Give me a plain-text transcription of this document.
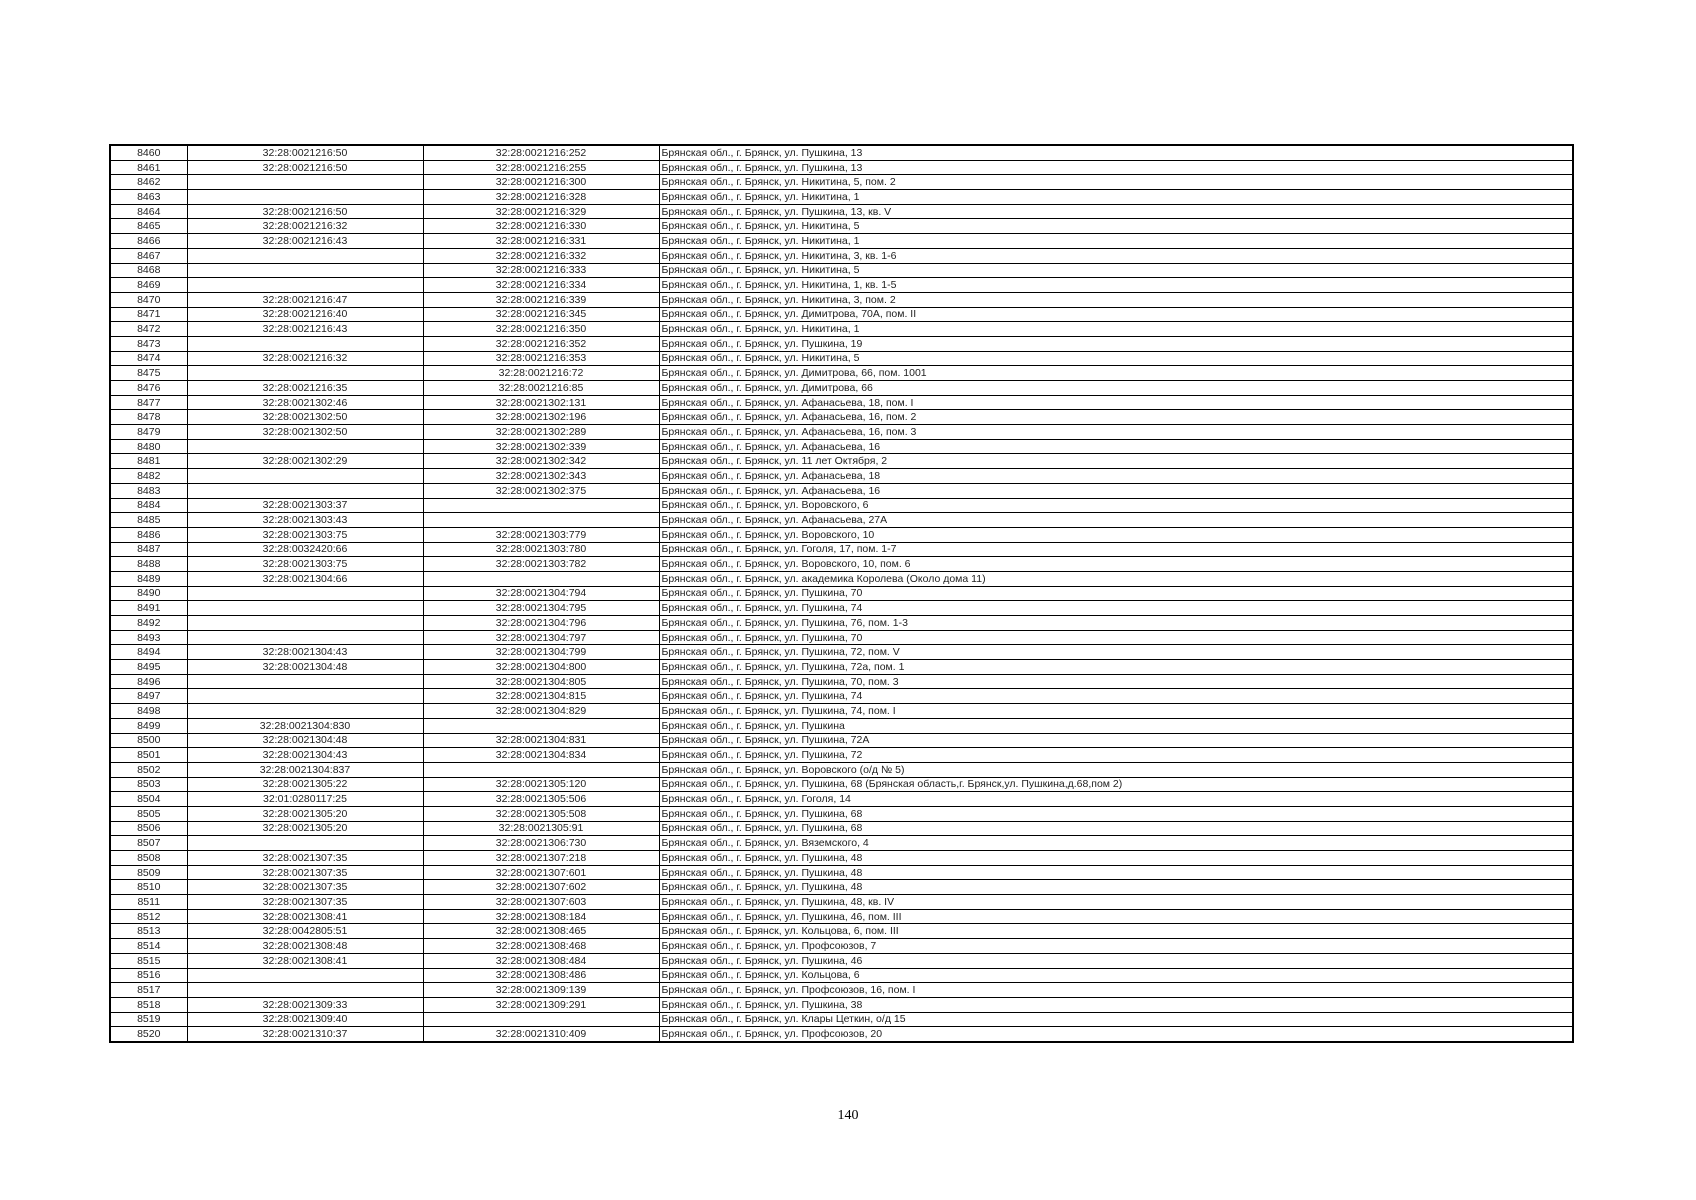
8460	32:28:0021216:50	32:28:0021216:252	Брянская обл., г. Брянск, ул. Пушкина, 13
8461	32:28:0021216:50	32:28:0021216:255	Брянская обл., г. Брянск, ул. Пушкина, 13
8462		32:28:0021216:300	Брянская обл., г. Брянск, ул. Никитина, 5, пом. 2
8463		32:28:0021216:328	Брянская обл., г. Брянск, ул. Никитина, 1
8464	32:28:0021216:50	32:28:0021216:329	Брянская обл., г. Брянск, ул. Пушкина, 13, кв. V
8465	32:28:0021216:32	32:28:0021216:330	Брянская обл., г. Брянск, ул. Никитина, 5
8466	32:28:0021216:43	32:28:0021216:331	Брянская обл., г. Брянск, ул. Никитина, 1
8467		32:28:0021216:332	Брянская обл., г. Брянск, ул. Никитина, 3, кв. 1-6
8468		32:28:0021216:333	Брянская обл., г. Брянск, ул. Никитина, 5
8469		32:28:0021216:334	Брянская обл., г. Брянск, ул. Никитина, 1, кв. 1-5
8470	32:28:0021216:47	32:28:0021216:339	Брянская обл., г. Брянск, ул. Никитина, 3, пом. 2
8471	32:28:0021216:40	32:28:0021216:345	Брянская обл., г. Брянск, ул. Димитрова, 70А, пом. II
8472	32:28:0021216:43	32:28:0021216:350	Брянская обл., г. Брянск, ул. Никитина, 1
8473		32:28:0021216:352	Брянская обл., г. Брянск, ул. Пушкина, 19
8474	32:28:0021216:32	32:28:0021216:353	Брянская обл., г. Брянск, ул. Никитина, 5
8475		32:28:0021216:72	Брянская обл., г. Брянск, ул. Димитрова, 66, пом. 1001
8476	32:28:0021216:35	32:28:0021216:85	Брянская обл., г. Брянск, ул. Димитрова, 66
8477	32:28:0021302:46	32:28:0021302:131	Брянская обл., г. Брянск, ул. Афанасьева, 18, пом. I
8478	32:28:0021302:50	32:28:0021302:196	Брянская обл., г. Брянск, ул. Афанасьева, 16, пом. 2
8479	32:28:0021302:50	32:28:0021302:289	Брянская обл., г. Брянск, ул. Афанасьева, 16, пом. 3
8480		32:28:0021302:339	Брянская обл., г. Брянск, ул. Афанасьева, 16
8481	32:28:0021302:29	32:28:0021302:342	Брянская обл., г. Брянск, ул. 11 лет Октября, 2
8482		32:28:0021302:343	Брянская обл., г. Брянск, ул. Афанасьева, 18
8483		32:28:0021302:375	Брянская обл., г. Брянск, ул. Афанасьева, 16
8484	32:28:0021303:37		Брянская обл., г. Брянск, ул. Воровского, 6
8485	32:28:0021303:43		Брянская обл., г. Брянск, ул. Афанасьева, 27А
8486	32:28:0021303:75	32:28:0021303:779	Брянская обл., г. Брянск, ул. Воровского, 10
8487	32:28:0032420:66	32:28:0021303:780	Брянская обл., г. Брянск, ул. Гоголя, 17, пом. 1-7
8488	32:28:0021303:75	32:28:0021303:782	Брянская обл., г. Брянск, ул. Воровского, 10, пом. 6
8489	32:28:0021304:66		Брянская обл., г. Брянск, ул. академика Королева (Около дома 11)
8490		32:28:0021304:794	Брянская обл., г. Брянск, ул. Пушкина, 70
8491		32:28:0021304:795	Брянская обл., г. Брянск, ул. Пушкина, 74
8492		32:28:0021304:796	Брянская обл., г. Брянск, ул. Пушкина, 76, пом. 1-3
8493		32:28:0021304:797	Брянская обл., г. Брянск, ул. Пушкина, 70
8494	32:28:0021304:43	32:28:0021304:799	Брянская обл., г. Брянск, ул. Пушкина, 72, пом. V
8495	32:28:0021304:48	32:28:0021304:800	Брянская обл., г. Брянск, ул. Пушкина, 72а, пом. 1
8496		32:28:0021304:805	Брянская обл., г. Брянск, ул. Пушкина, 70, пом. 3
8497		32:28:0021304:815	Брянская обл., г. Брянск, ул. Пушкина, 74
8498		32:28:0021304:829	Брянская обл., г. Брянск, ул. Пушкина, 74, пом. I
8499	32:28:0021304:830		Брянская обл., г. Брянск, ул. Пушкина
8500	32:28:0021304:48	32:28:0021304:831	Брянская обл., г. Брянск, ул. Пушкина, 72А
8501	32:28:0021304:43	32:28:0021304:834	Брянская обл., г. Брянск, ул. Пушкина, 72
8502	32:28:0021304:837		Брянская обл., г. Брянск, ул. Воровского (о/д № 5)
8503	32:28:0021305:22	32:28:0021305:120	Брянская обл., г. Брянск, ул. Пушкина, 68 (Брянская область,г. Брянск,ул. Пушкина,д.68,пом 2)
8504	32:01:0280117:25	32:28:0021305:506	Брянская обл., г. Брянск, ул. Гоголя, 14
8505	32:28:0021305:20	32:28:0021305:508	Брянская обл., г. Брянск, ул. Пушкина, 68
8506	32:28:0021305:20	32:28:0021305:91	Брянская обл., г. Брянск, ул. Пушкина, 68
8507		32:28:0021306:730	Брянская обл., г. Брянск, ул. Вяземского, 4
8508	32:28:0021307:35	32:28:0021307:218	Брянская обл., г. Брянск, ул. Пушкина, 48
8509	32:28:0021307:35	32:28:0021307:601	Брянская обл., г. Брянск, ул. Пушкина, 48
8510	32:28:0021307:35	32:28:0021307:602	Брянская обл., г. Брянск, ул. Пушкина, 48
8511	32:28:0021307:35	32:28:0021307:603	Брянская обл., г. Брянск, ул. Пушкина, 48, кв. IV
8512	32:28:0021308:41	32:28:0021308:184	Брянская обл., г. Брянск, ул. Пушкина, 46, пом. III
8513	32:28:0042805:51	32:28:0021308:465	Брянская обл., г. Брянск, ул. Кольцова, 6, пом. III
8514	32:28:0021308:48	32:28:0021308:468	Брянская обл., г. Брянск, ул. Профсоюзов, 7
8515	32:28:0021308:41	32:28:0021308:484	Брянская обл., г. Брянск, ул. Пушкина, 46
8516		32:28:0021308:486	Брянская обл., г. Брянск, ул. Кольцова, 6
8517		32:28:0021309:139	Брянская обл., г. Брянск, ул. Профсоюзов, 16, пом. I
8518	32:28:0021309:33	32:28:0021309:291	Брянская обл., г. Брянск, ул. Пушкина, 38
8519	32:28:0021309:40		Брянская обл., г. Брянск, ул. Клары Цеткин, о/д 15
8520	32:28:0021310:37	32:28:0021310:409	Брянская обл., г. Брянск, ул. Профсоюзов, 20
140
